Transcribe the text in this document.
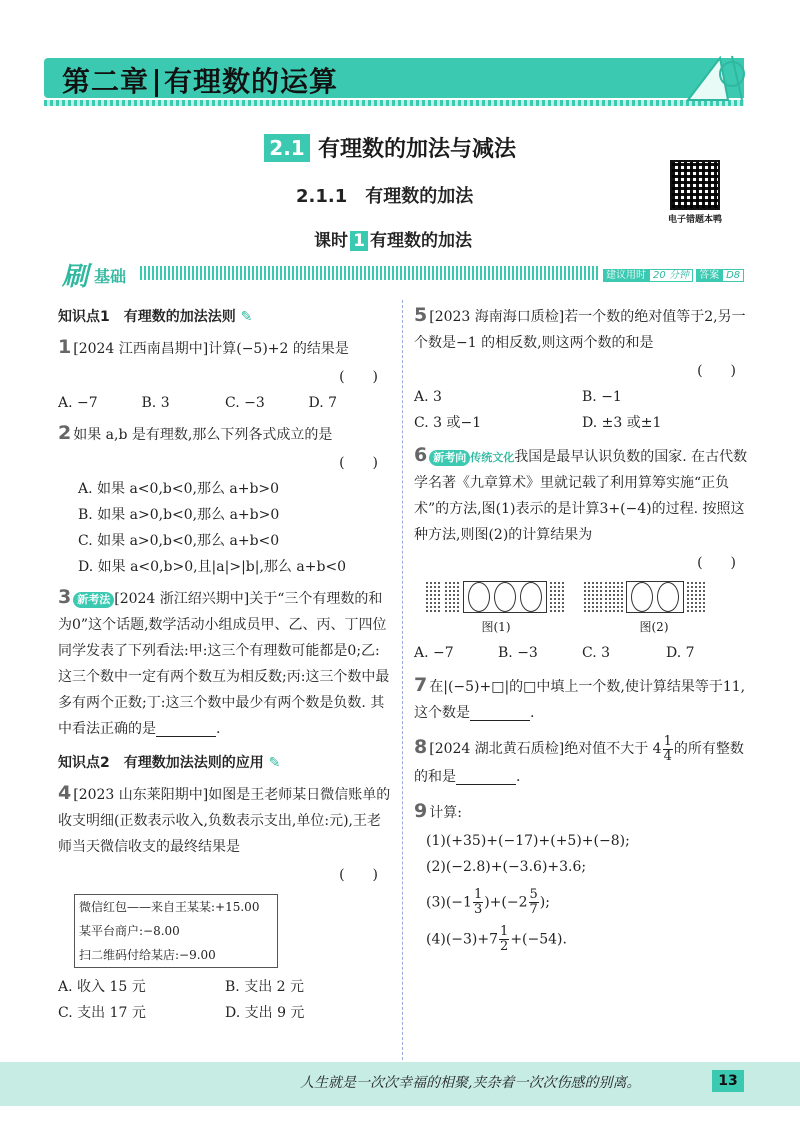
第二章 有理数的运算
2.1 有理数的加法与减法
2.1.1　有理数的加法
课时 1 有理数的加法
电子错题本鸭
刷 基础	建议用时 20 分钟 答案 D8
知识点1　有理数的加法法则 ✎
1 [2024 江西南昌期中]计算(−5)+2 的结果是
(　　)
A. −7	B. 3	C. −3	D. 7
2 如果 a,b 是有理数,那么下列各式成立的是
(　　)
A. 如果 a<0,b<0,那么 a+b>0
B. 如果 a>0,b<0,那么 a+b>0
C. 如果 a>0,b<0,那么 a+b<0
D. 如果 a<0,b>0,且|a|>|b|,那么 a+b<0
3 新考法 [2024 浙江绍兴期中]关于“三个有理数的和为0”这个话题,数学活动小组成员甲、乙、丙、丁四位同学发表了下列看法:甲:这三个有理数可能都是0;乙:这三个数中一定有两个数互为相反数;丙:这三个数中最多有两个正数;丁:这三个数中最少有两个数是负数. 其中看法正确的是	.
知识点2　有理数加法法则的应用 ✎
4 [2023 山东莱阳期中]如图是王老师某日微信账单的收支明细(正数表示收入,负数表示支出,单位:元),王老师当天微信收支的最终结果是
(　　)
微信红包——来自王某某:+15.00
某平台商户:−8.00
扫二维码付给某店:−9.00
A. 收入 15 元	B. 支出 2 元
C. 支出 17 元	D. 支出 9 元
5 [2023 海南海口质检]若一个数的绝对值等于2,另一个数是−1 的相反数,则这两个数的和是
(　　)
A. 3	B. −1
C. 3 或−1	D. ±3 或±1
6 新考向 传统文化我国是最早认识负数的国家. 在古代数学名著《九章算术》里就记载了利用算筹实施“正负术”的方法,图(1)表示的是计算3+(−4)的过程. 按照这种方法,则图(2)的计算结果为
(　　)
图(1)	图(2)
A. −7	B. −3	C. 3	D. 7
7 在|(−5)+□|的□中填上一个数,使计算结果等于11,这个数是	.
8 [2024 湖北黄石质检]绝对值不大于 $4 \frac{1}{4}$ 的所有整数的和是	.
9 计算:
(1)(+35)+(−17)+(+5)+(−8);
(2)(−2.8)+(−3.6)+3.6;
$(3)(-1 \frac{1}{3} )+(-2 \frac{5}{7}$ );
$(4)(-3)+7 \frac{1}{2} +(-54)$.
人生就是一次次幸福的相聚,夹杂着一次次伤感的别离。	13
